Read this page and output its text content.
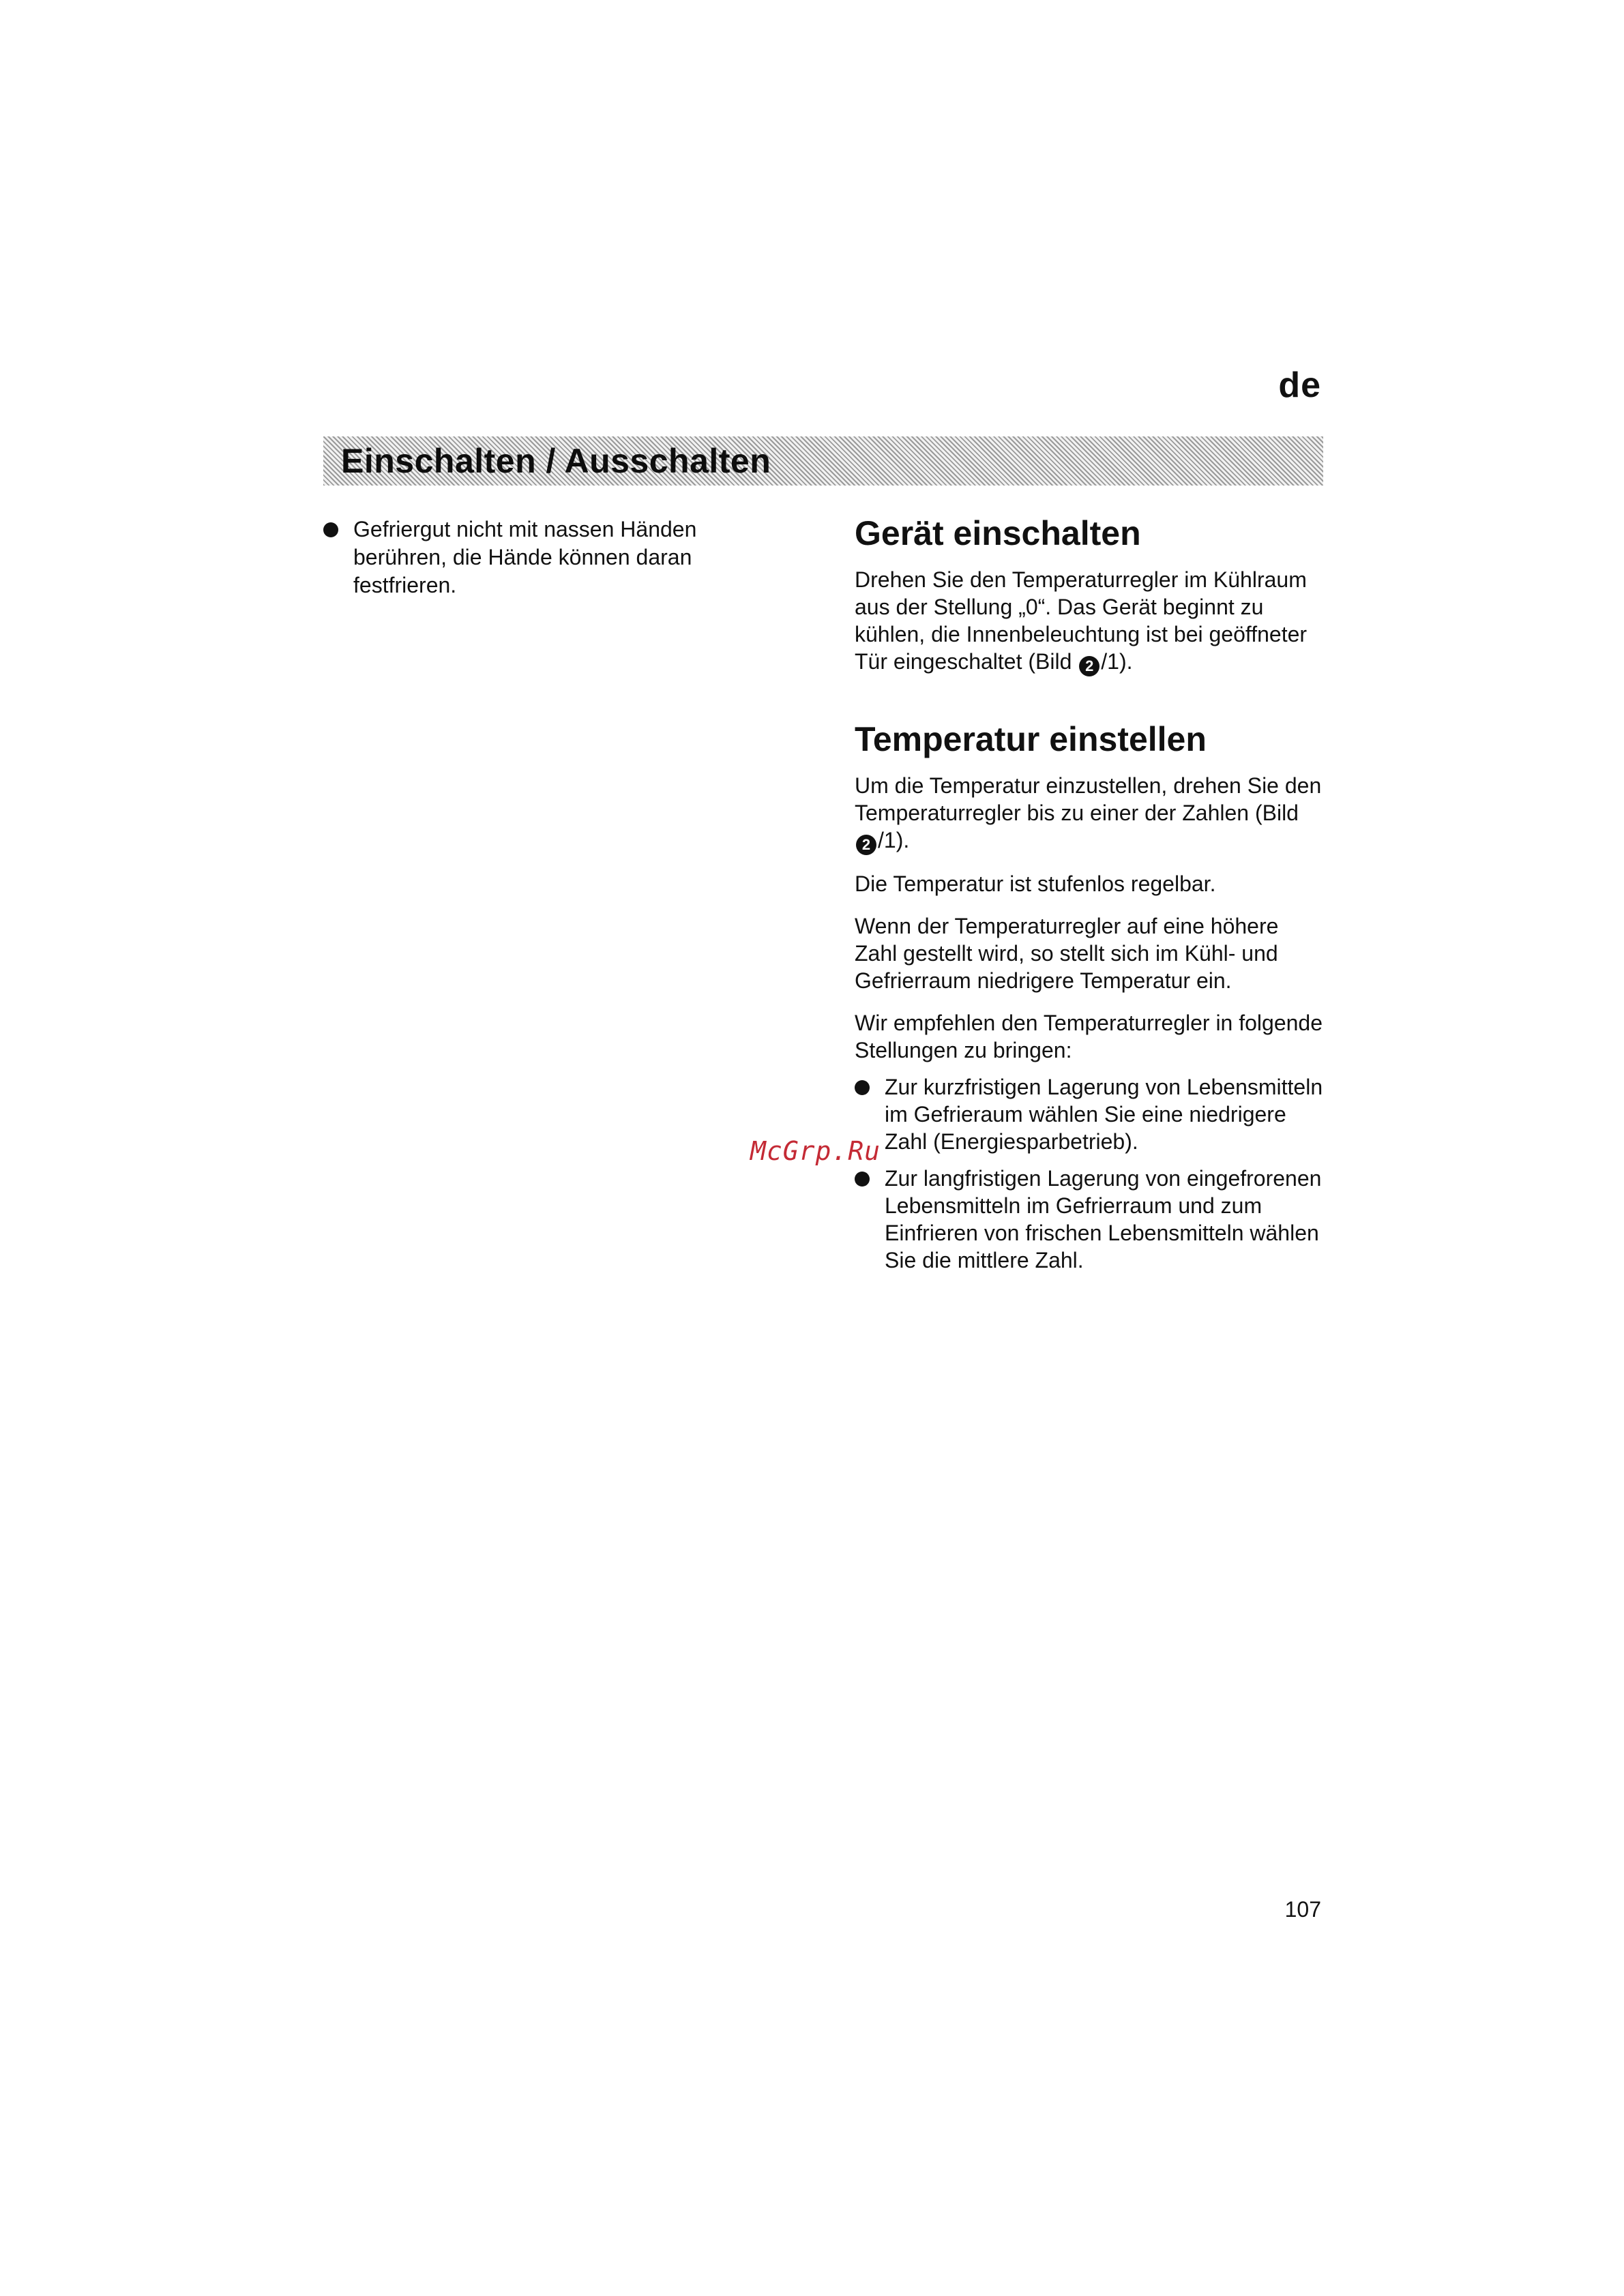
de
Einschalten / Ausschalten
Gefriergut nicht mit nassen Händen berühren, die Hände können daran festfrieren.
Gerät einschalten
Drehen Sie den Temperaturregler im Kühlraum aus der Stellung „0“. Das Gerät beginnt zu kühlen, die Innenbeleuchtung ist bei geöffneter Tür eingeschaltet (Bild 2 /1).
Temperatur einstellen
Um die Temperatur einzustellen, drehen Sie den Temperaturregler bis zu einer der Zahlen (Bild 2 /1).
Die Temperatur ist stufenlos regelbar.
Wenn der Temperaturregler auf eine höhere Zahl gestellt wird, so stellt sich im Kühl- und Gefrierraum niedrigere Temperatur ein.
Wir empfehlen den Temperaturregler in folgende Stellungen zu bringen:
Zur kurzfristigen Lagerung von Lebensmitteln im Gefrieraum wählen Sie eine niedrigere Zahl (Energiesparbetrieb).
Zur langfristigen Lagerung von eingefrorenen Lebensmitteln im Gefrierraum und zum Einfrieren von frischen Lebensmitteln wählen Sie die mittlere Zahl.
McGrp.Ru
107
